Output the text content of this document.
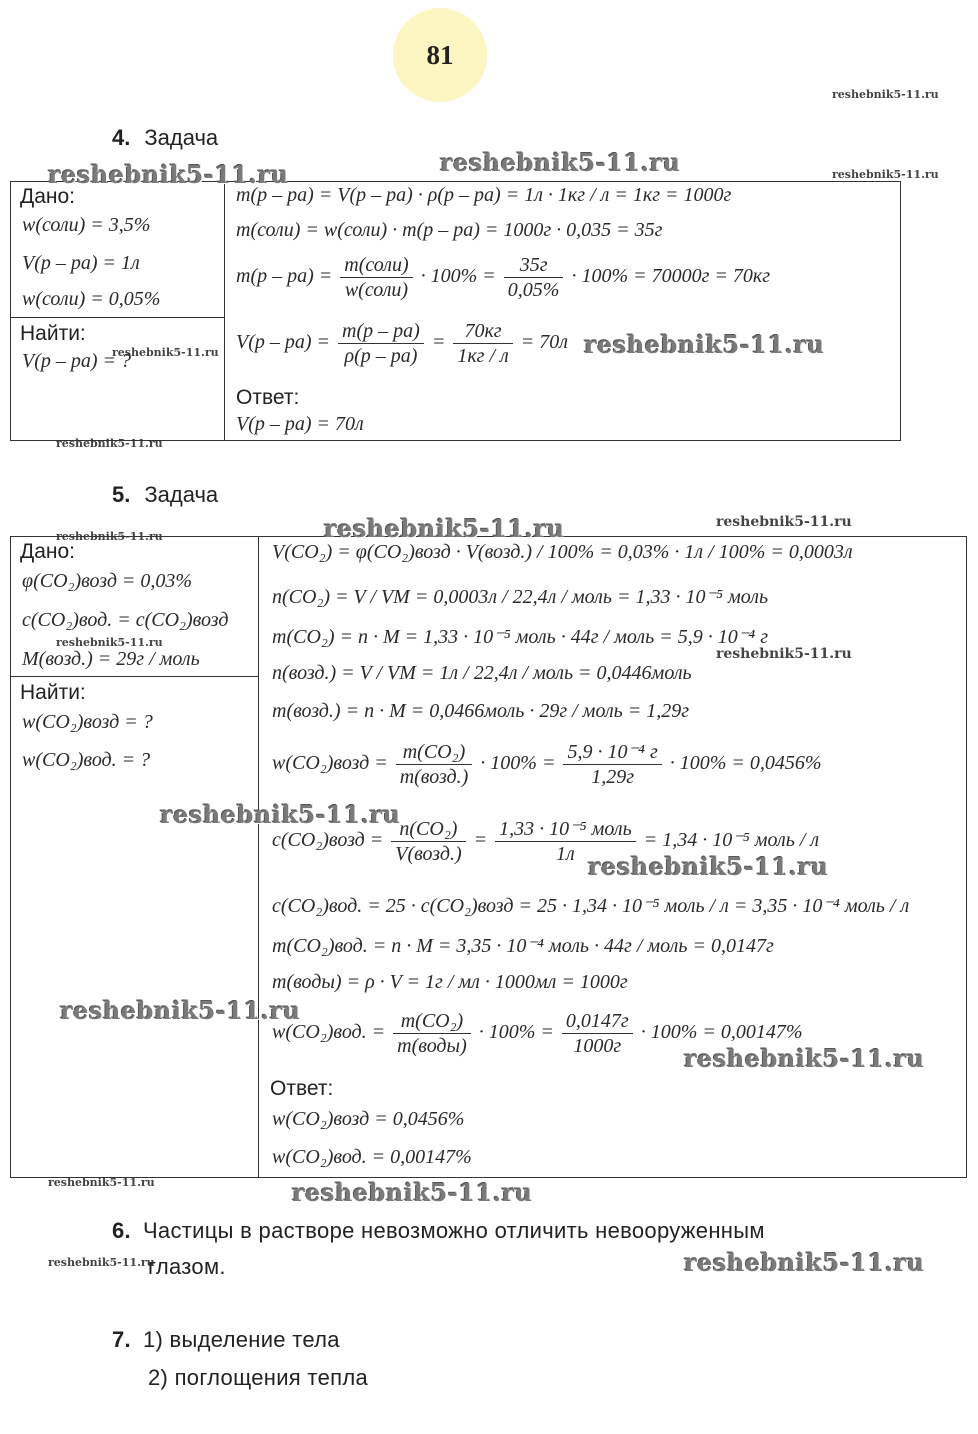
81
reshebnik5-11.ru
reshebnik5-11.ru
reshebnik5-11.ru
reshebnik5-11.ru
reshebnik5-11.ru
reshebnik5-11.ru
reshebnik5-11.ru
reshebnik5-11.ru
reshebnik5-11.ru
reshebnik5-11.ru
4. Задача
Дано:
w(соли) = 3,5%
V(р – ра) = 1л
w(соли) = 0,05%
Найти:
V(р – ра) = ?
m(р – ра) = V(р – ра) · ρ(р – ра) = 1л · 1кг / л = 1кг = 1000г
m(соли) = w(соли) · m(р – ра) = 1000г · 0,035 = 35г
$m(р - ра) = \frac{\text{m(соли)}}{\text{w(соли)}} \cdot 100\% = \frac{35г}{0,05\%} \cdot 100\% = 70000г = 70кг$
$V(р - ра) = \frac{m(р - ра)}{\rho(р - ра)} = \frac{70кг}{1кг / л} = 70л$
Ответ:
V(р – ра) = 70л
reshebnik5-11.ru	reshebnik5-11.ru
reshebnik5-11.ru
5. Задача
Дано:
φ(CO₂)возд = 0,03%
c(CO₂)вод. = c(CO₂)возд
M(возд.) = 29г / моль
Найти:
w(CO₂)возд = ?
w(CO₂)вод. = ?
V(CO₂) = φ(CO₂)возд · V(возд.) / 100% = 0,03% · 1л / 100% = 0,0003л
n(CO₂) = V / VM = 0,0003л / 22,4л / моль = 1,33 · 10⁻⁵ моль
m(CO₂) = n · M = 1,33 · 10⁻⁵ моль · 44г / моль = 5,9 · 10⁻⁴ г
n(возд.) = V / VM = 1л / 22,4л / моль = 0,0446моль
m(возд.) = n · M = 0,0466моль · 29г / моль = 1,29г
w(CO₂)возд = $\frac{\text{m(CO₂)}}{\text{m(возд.)}} \cdot 100\% = \frac{\text{5,9 · 10⁻⁴ г}}{1,29г} \cdot 100\% = 0,0456\%$
c(CO₂)возд = $\frac{\text{n(CO₂)}}{\text{V(возд.)}} = \frac{\text{1,33 · 10⁻⁵ моль}}{1л} = 1,34 \cdot 10^{-5}$ моль / л
c(CO₂)вод. = 25 · c(CO₂)возд = 25 · 1,34 · 10⁻⁵ моль / л = 3,35 · 10⁻⁴ моль / л
m(CO₂)вод. = n · M = 3,35 · 10⁻⁴ моль · 44г / моль = 0,0147г
m(воды) = ρ · V = 1г / мл · 1000мл = 1000г
w(CO₂)вод. = $\frac{\text{m(CO₂)}}{\text{m(воды)}} \cdot 100\% = \frac{0,0147г}{1000г} \cdot 100\% = 0,00147\%$
Ответ:
w(CO₂)возд = 0,0456%
w(CO₂)вод. = 0,00147%
reshebnik5-11.ru
reshebnik5-11.ru
reshebnik5-11.ru
reshebnik5-11.ru
reshebnik5-11.ru
reshebnik5-11.ru
6. Частицы в растворе невозможно отличить невооруженным
глазом.	reshebnik5-11.ru
7. 1) выделение тела
2) поглощения тепла
